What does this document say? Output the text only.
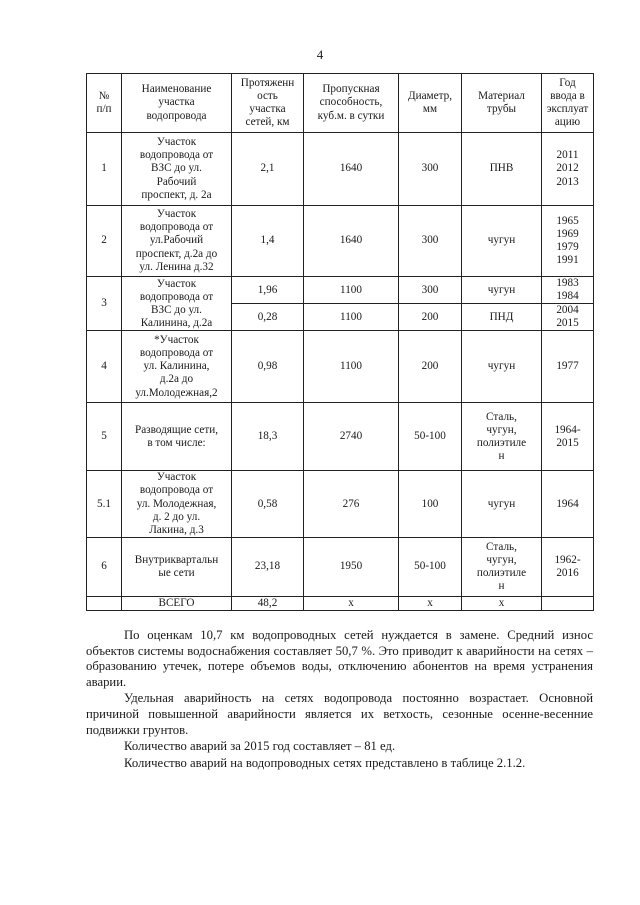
4
№
п/п	Наименование
участка
водопровода	Протяженн
ость
участка
сетей, км	Пропускная
способность,
куб.м. в сутки	Диаметр,
мм	Материал
трубы	Год
ввода в
эксплуат
ацию
1	Участок
водопровода от
ВЗС до ул.
Рабочий
проспект, д. 2а	2,1	1640	300	ПНВ	2011
2012
2013
2	Участок
водопровода от
ул.Рабочий
проспект, д.2а до
ул. Ленина д.32	1,4	1640	300	чугун	1965
1969
1979
1991
3	Участок
водопровода от
ВЗС до ул.
Калинина, д.2а	1,96	1100	300	чугун	1983
1984
		0,28	1100	200	ПНД	2004
2015
4	*Участок
водопровода от
ул. Калинина,
д.2а до
ул.Молодежная,2	0,98	1100	200	чугун	1977
5	Разводящие сети,
в том числе:	18,3	2740	50-100	Сталь,
чугун,
полиэтиле
н	1964-
2015
5.1	Участок
водопровода от
ул. Молодежная,
д. 2 до ул.
Лакина, д.3	0,58	276	100	чугун	1964
6	Внутриквартальн
ые сети	23,18	1950	50-100	Сталь,
чугун,
полиэтиле
н	1962-
2016
	ВСЕГО	48,2	х	х	х	

По оценкам 10,7 км водопроводных сетей нуждается в замене. Средний износ объектов системы водоснабжения составляет 50,7 %. Это приводит к аварийности на сетях – образованию утечек, потере объемов воды, отключению абонентов на время устранения аварии.

Удельная аварийность на сетях водопровода постоянно возрастает. Основной причиной повышенной аварийности является их ветхость, сезонные осенне-весенние подвижки грунтов.

Количество аварий за 2015 год составляет – 81 ед.

Количество аварий на водопроводных сетях представлено в таблице 2.1.2.
